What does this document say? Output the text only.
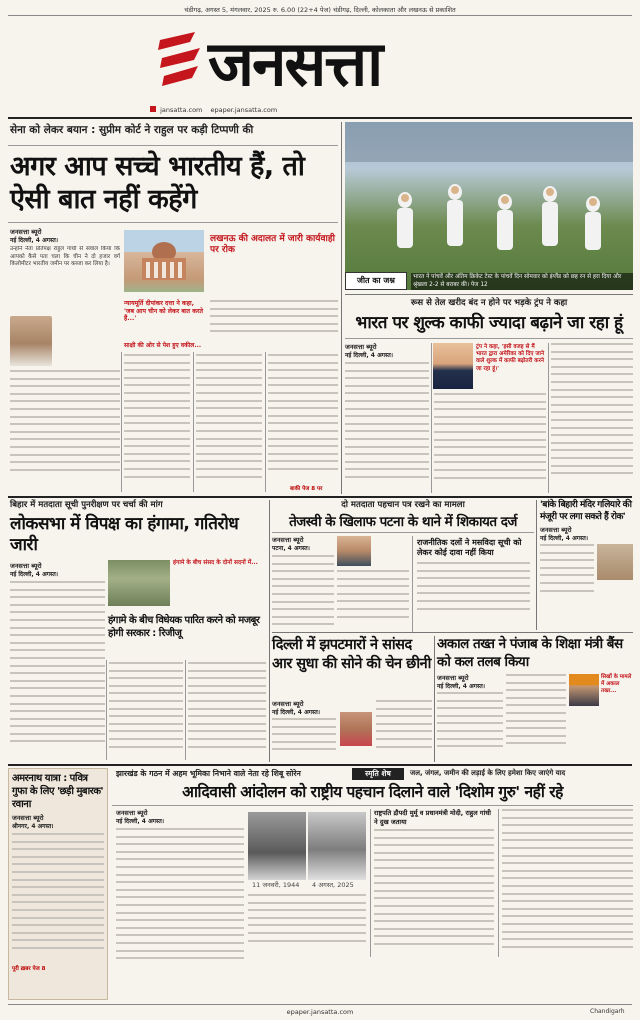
चंडीगढ़, अगस्त 5, मंगलवार, 2025 रु. 6.00 (22+4 पेज) चंडीगढ़, दिल्ली, कोलकाता और लखनऊ से प्रकाशित
जनसत्ता
jansatta.com epaper.jansatta.com
सेना को लेकर बयान : सुप्रीम कोर्ट ने राहुल पर कड़ी टिप्पणी की
अगर आप सच्चे भारतीय हैं, तो ऐसी बात नहीं कहेंगे
जनसत्ता ब्यूरो
नई दिल्ली, 4 अगस्त।
उन्होंने नेता प्रतिपक्ष राहुल गांधी से सवाल किया कि आपको कैसे पता चला कि चीन ने दो हजार वर्ग किलोमीटर भारतीय जमीन पर कब्जा कर लिया है।
लखनऊ की अदालत में जारी कार्यवाही पर रोक
न्यायमूर्ति दीपांकर दत्ता ने कहा, 'जब आप चीन को लेकर बात करते हैं...'
साक्षी की ओर से पेश हुए वकील...
बाकी पेज 8 पर
जीत का जश्न	भारत ने पांचवें और अंतिम क्रिकेट टेस्ट के पांचवें दिन सोमवार को इंग्लैंड को छह रन से हरा दिया और श्रृंखला 2-2 से बराबर की। पेज 12
रूस से तेल खरीद बंद न होने पर भड़के ट्रंप ने कहा
भारत पर शुल्क काफी ज्यादा बढ़ाने जा रहा हूं
जनसत्ता ब्यूरो
नई दिल्ली, 4 अगस्त।
ट्रंप ने कहा, 'इसी वजह से मैं भारत द्वारा अमेरिका को दिए जाने वाले शुल्क में काफी बढ़ोतरी करने जा रहा हूं।'
बिहार में मतदाता सूची पुनरीक्षण पर चर्चा की मांग
लोकसभा में विपक्ष का हंगामा, गतिरोध जारी
जनसत्ता ब्यूरो
नई दिल्ली, 4 अगस्त।
हंगामे के बीच संसद के दोनों सदनों में...
हंगामे के बीच विधेयक पारित करने को मजबूर होगी सरकार : रिजीजू
दो मतदाता पहचान पत्र रखने का मामला
तेजस्वी के खिलाफ पटना के थाने में शिकायत दर्ज
जनसत्ता ब्यूरो
पटना, 4 अगस्त।
राजनीतिक दलों ने मसविदा सूची को लेकर कोई दावा नहीं किया
'बांके बिहारी मंदिर गलियारे की मंजूरी पर लगा सकते हैं रोक'
जनसत्ता ब्यूरो
नई दिल्ली, 4 अगस्त।
दिल्ली में झपटमारों ने सांसद आर सुधा की सोने की चेन छीनी
जनसत्ता ब्यूरो
नई दिल्ली, 4 अगस्त।
अकाल तख्त ने पंजाब के शिक्षा मंत्री बैंस को कल तलब किया
जनसत्ता ब्यूरो
नई दिल्ली, 4 अगस्त।
सिखों के मामले में अकाल तख्त...
अमरनाथ यात्रा : पवित्र गुफा के लिए 'छड़ी मुबारक' रवाना
जनसत्ता ब्यूरो
श्रीनगर, 4 अगस्त।
पूरी ख़बर पेज 8
झारखंड के गठन में अहम भूमिका निभाने वाले नेता रहे शिबू सोरेन	स्मृति शेष	जल, जंगल, जमीन की लड़ाई के लिए हमेशा किए जाएंगे याद
आदिवासी आंदोलन को राष्ट्रीय पहचान दिलाने वाले 'दिशोम गुरु' नहीं रहे
जनसत्ता ब्यूरो
नई दिल्ली, 4 अगस्त।
11 जनवरी, 1944 4 अगस्त, 2025
राष्ट्रपति द्रौपदी मुर्मू व प्रधानमंत्री मोदी, राहुल गांधी ने दुख जताया
epaper.jansatta.com	Chandigarh
